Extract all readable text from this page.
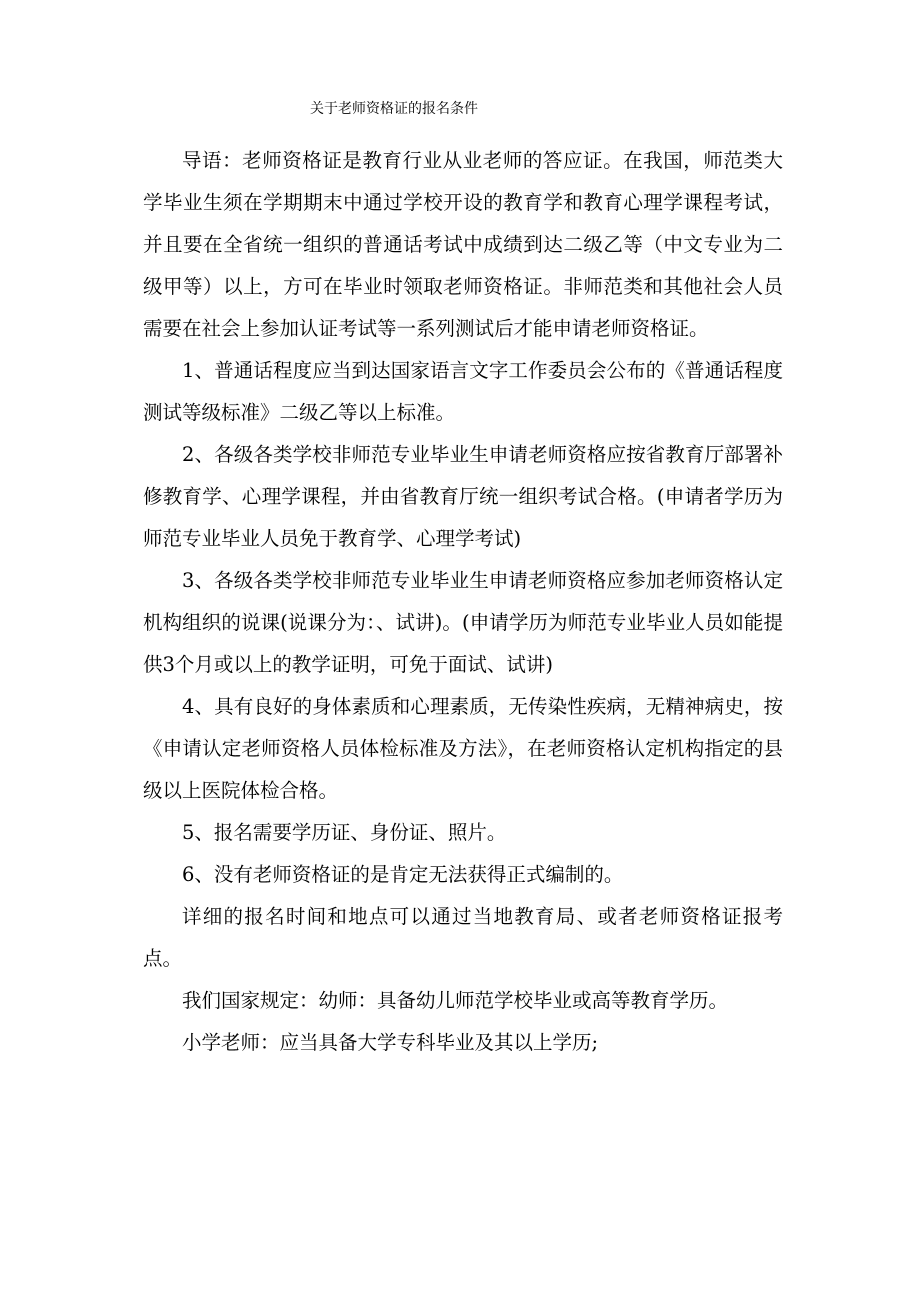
关于老师资格证的报名条件

导语：老师资格证是教育行业从业老师的答应证。在我国，师范类大学毕业生须在学期期末中通过学校开设的教育学和教育心理学课程考试，并且要在全省统一组织的普通话考试中成绩到达二级乙等（中文专业为二级甲等）以上，方可在毕业时领取老师资格证。非师范类和其他社会人员需要在社会上参加认证考试等一系列测试后才能申请老师资格证。

1、普通话程度应当到达国家语言文字工作委员会公布的《普通话程度测试等级标准》二级乙等以上标准。

2、各级各类学校非师范专业毕业生申请老师资格应按省教育厅部署补修教育学、心理学课程，并由省教育厅统一组织考试合格。(申请者学历为师范专业毕业人员免于教育学、心理学考试)

3、各级各类学校非师范专业毕业生申请老师资格应参加老师资格认定机构组织的说课(说课分为：、试讲)。(申请学历为师范专业毕业人员如能提供3个月或以上的教学证明，可免于面试、试讲)

4、具有良好的身体素质和心理素质，无传染性疾病，无精神病史，按《申请认定老师资格人员体检标准及方法》，在老师资格认定机构指定的县级以上医院体检合格。

5、报名需要学历证、身份证、照片。

6、没有老师资格证的是肯定无法获得正式编制的。

详细的报名时间和地点可以通过当地教育局、或者老师资格证报考点。

我们国家规定：幼师：具备幼儿师范学校毕业或高等教育学历。

小学老师：应当具备大学专科毕业及其以上学历;
